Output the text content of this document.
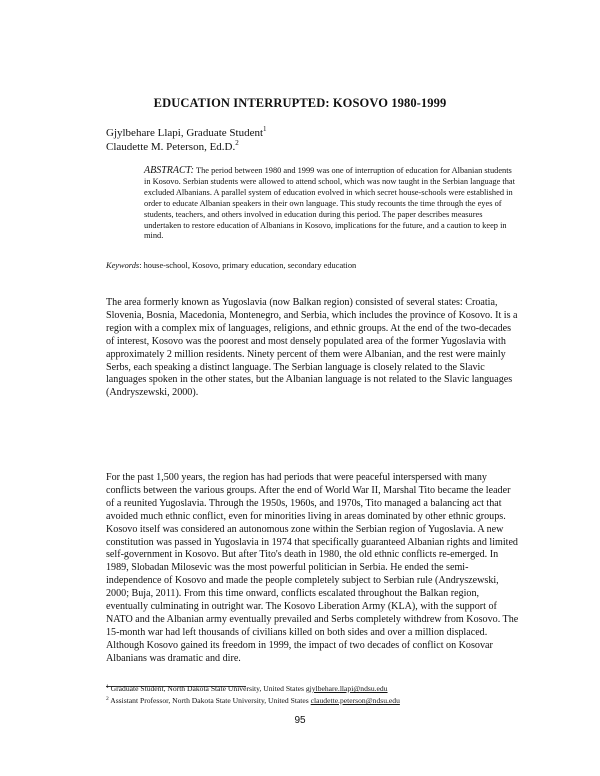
EDUCATION INTERRUPTED: KOSOVO 1980-1999
Gjylbehare Llapi, Graduate Student$^1$
Claudette M. Peterson, Ed.D.$^2$
ABSTRACT: The period between 1980 and 1999 was one of interruption of education for Albanian students in Kosovo. Serbian students were allowed to attend school, which was now taught in the Serbian language that excluded Albanians. A parallel system of education evolved in which secret house-schools were established in order to educate Albanian speakers in their own language. This study recounts the time through the eyes of students, teachers, and others involved in education during this period. The paper describes measures undertaken to restore education of Albanians in Kosovo, implications for the future, and a caution to keep in mind.
Keywords: house-school, Kosovo, primary education, secondary education

The area formerly known as Yugoslavia (now Balkan region) consisted of several states: Croatia, Slovenia, Bosnia, Macedonia, Montenegro, and Serbia, which includes the province of Kosovo. It is a region with a complex mix of languages, religions, and ethnic groups. At the end of the two-decades of interest, Kosovo was the poorest and most densely populated area of the former Yugoslavia with approximately 2 million residents. Ninety percent of them were Albanian, and the rest were mainly Serbs, each speaking a distinct language. The Serbian language is closely related to the Slavic languages spoken in the other states, but the Albanian language is not related to the Slavic languages (Andryszewski, 2000).

For the past 1,500 years, the region has had periods that were peaceful interspersed with many conflicts between the various groups. After the end of World War II, Marshal Tito became the leader of a reunited Yugoslavia. Through the 1950s, 1960s, and 1970s, Tito managed a balancing act that avoided much ethnic conflict, even for minorities living in areas dominated by other ethnic groups. Kosovo itself was considered an autonomous zone within the Serbian region of Yugoslavia. A new constitution was passed in Yugoslavia in 1974 that specifically guaranteed Albanian rights and limited self-government in Kosovo. But after Tito's death in 1980, the old ethnic conflicts re-emerged. In 1989, Slobadan Milosevic was the most powerful politician in Serbia. He ended the semi-independence of Kosovo and made the people completely subject to Serbian rule (Andryszewski, 2000; Buja, 2011). From this time onward, conflicts escalated throughout the Balkan region, eventually culminating in outright war. The Kosovo Liberation Army (KLA), with the support of NATO and the Albanian army eventually prevailed and Serbs completely withdrew from Kosovo. The 15-month war had left thousands of civilians killed on both sides and over a million displaced. Although Kosovo gained its freedom in 1999, the impact of two decades of conflict on Kosovar Albanians was dramatic and dire.

$^1$ Graduate Student, North Dakota State University, United States gjylbehare.llapi@ndsu.edu
$^2$ Assistant Professor, North Dakota State University, United States claudette.peterson@ndsu.edu
95
